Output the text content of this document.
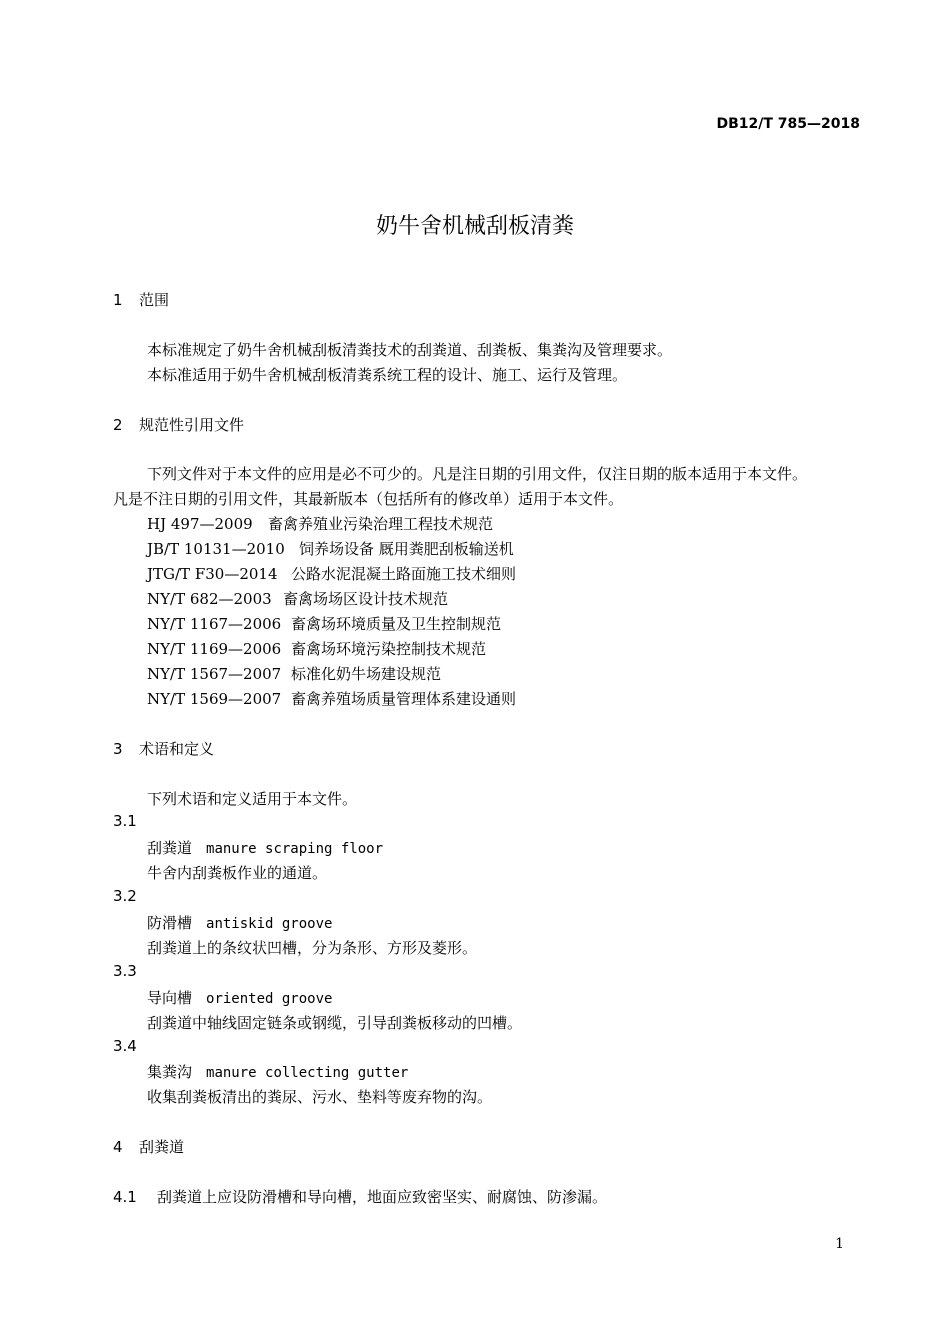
DB12/T 785—2018
奶牛舍机械刮板清粪
1 范围
本标准规定了奶牛舍机械刮板清粪技术的刮粪道、刮粪板、集粪沟及管理要求。
本标准适用于奶牛舍机械刮板清粪系统工程的设计、施工、运行及管理。
2 规范性引用文件
下列文件对于本文件的应用是必不可少的。凡是注日期的引用文件，仅注日期的版本适用于本文件。
凡是不注日期的引用文件，其最新版本（包括所有的修改单）适用于本文件。
HJ 497—2009 畜禽养殖业污染治理工程技术规范
JB/T 10131—2010 饲养场设备 厩用粪肥刮板输送机
JTG/T F30—2014 公路水泥混凝土路面施工技术细则
NY/T 682—2003 畜禽场场区设计技术规范
NY/T 1167—2006 畜禽场环境质量及卫生控制规范
NY/T 1169—2006 畜禽场环境污染控制技术规范
NY/T 1567—2007 标准化奶牛场建设规范
NY/T 1569—2007 畜禽养殖场质量管理体系建设通则
3 术语和定义
下列术语和定义适用于本文件。
3.1
刮粪道 manure scraping floor
牛舍内刮粪板作业的通道。
3.2
防滑槽 antiskid groove
刮粪道上的条纹状凹槽，分为条形、方形及菱形。
3.3
导向槽 oriented groove
刮粪道中轴线固定链条或钢缆，引导刮粪板移动的凹槽。
3.4
集粪沟 manure collecting gutter
收集刮粪板清出的粪尿、污水、垫料等废弃物的沟。
4 刮粪道
4.1 刮粪道上应设防滑槽和导向槽，地面应致密坚实、耐腐蚀、防渗漏。
1
